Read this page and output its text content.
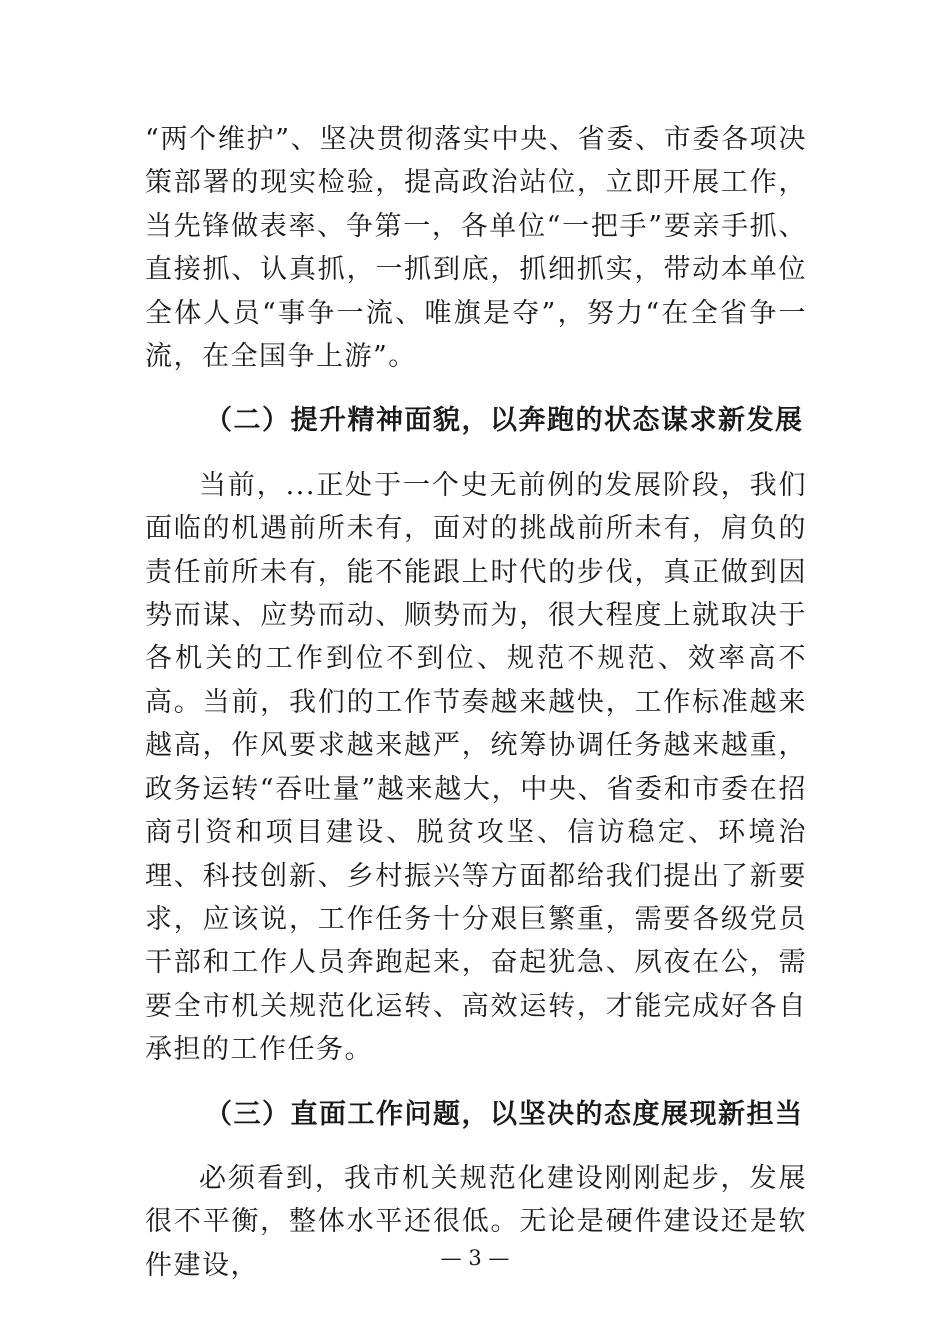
“两个维护”、坚决贯彻落实中央、省委、市委各项决策部署的现实检验，提高政治站位，立即开展工作，当先锋做表率、争第一，各单位“一把手”要亲手抓、直接抓、认真抓，一抓到底，抓细抓实，带动本单位全体人员“事争一流、唯旗是夺”，努力“在全省争一流，在全国争上游”。

（二）提升精神面貌，以奔跑的状态谋求新发展

当前，...正处于一个史无前例的发展阶段，我们面临的机遇前所未有，面对的挑战前所未有，肩负的责任前所未有，能不能跟上时代的步伐，真正做到因势而谋、应势而动、顺势而为，很大程度上就取决于各机关的工作到位不到位、规范不规范、效率高不高。当前，我们的工作节奏越来越快，工作标准越来越高，作风要求越来越严，统筹协调任务越来越重，政务运转“吞吐量”越来越大，中央、省委和市委在招商引资和项目建设、脱贫攻坚、信访稳定、环境治理、科技创新、乡村振兴等方面都给我们提出了新要求，应该说，工作任务十分艰巨繁重，需要各级党员干部和工作人员奔跑起来，奋起犹急、夙夜在公，需要全市机关规范化运转、高效运转，才能完成好各自承担的工作任务。

（三）直面工作问题，以坚决的态度展现新担当

必须看到，我市机关规范化建设刚刚起步，发展很不平衡，整体水平还很低。无论是硬件建设还是软件建设，	— 3 —
